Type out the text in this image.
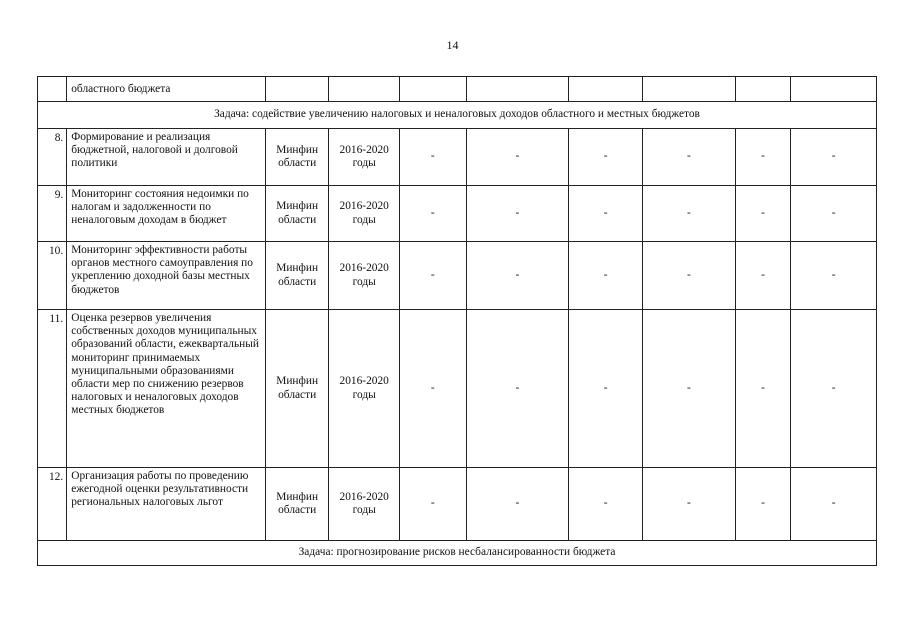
14
	областного бюджета								
Задача: содействие увеличению налоговых и неналоговых доходов областного и местных бюджетов									
8.	Формирование и реализация бюджетной, налоговой и долговой политики	Минфин области	2016-2020 годы	-	-	-	-	-	-
9.	Мониторинг состояния недоимки по налогам и задолженности по неналоговым доходам в бюджет	Минфин области	2016-2020 годы	-	-	-	-	-	-
10.	Мониторинг эффективности работы органов местного самоуправления по укреплению доходной базы местных бюджетов	Минфин области	2016-2020 годы	-	-	-	-	-	-
11.	Оценка резервов увеличения собственных доходов муниципальных образований области, ежеквартальный мониторинг принимаемых муниципальными образованиями области мер по снижению резервов налоговых и неналоговых доходов местных бюджетов	Минфин области	2016-2020 годы	-	-	-	-	-	-
12.	Организация работы по проведению ежегодной оценки результативности региональных налоговых льгот	Минфин области	2016-2020 годы	-	-	-	-	-	-
Задача: прогнозирование рисков несбалансированности бюджета									
